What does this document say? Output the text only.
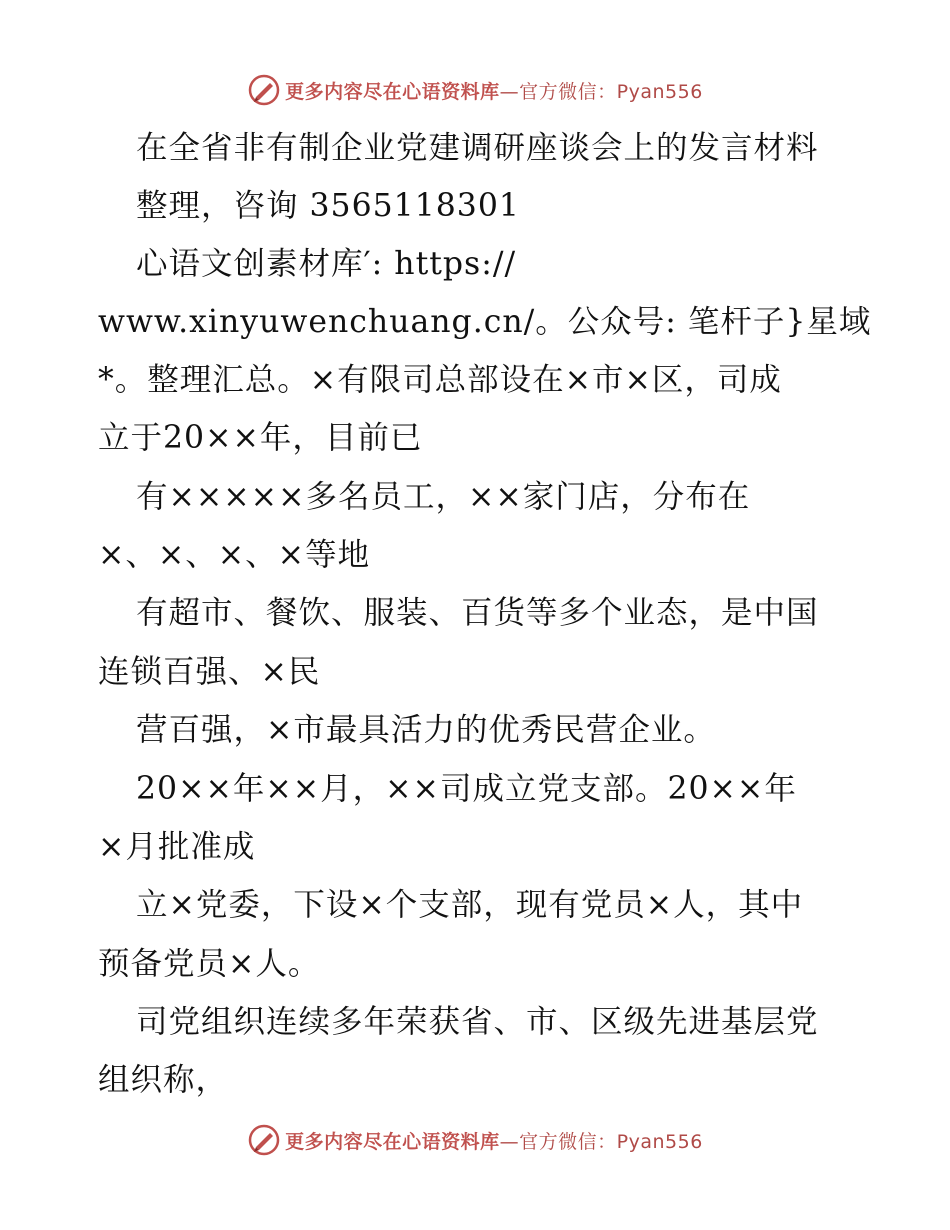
更多内容尽在心语资料库—官方微信：Pyan556
在全省非有制企业党建调研座谈会上的发言材料
整理，咨询 3565118301
心语文创素材库′: https://
www.xinyuwenchuang.cn/。公众号: 笔杆子}星域
*。整理汇总。×有限司总部设在×市×区，司成
立于20××年，目前已
有×××××多名员工，××家门店，分布在
×、×、×、×等地
有超市、餐饮、服装、百货等多个业态，是中国
连锁百强、×民
营百强，×市最具活力的优秀民营企业。
20××年××月，××司成立党支部。20××年
×月批准成
立×党委，下设×个支部，现有党员×人，其中
预备党员×人。
司党组织连续多年荣获省、市、区级先进基层党
组织称，
更多内容尽在心语资料库—官方微信：Pyan556
